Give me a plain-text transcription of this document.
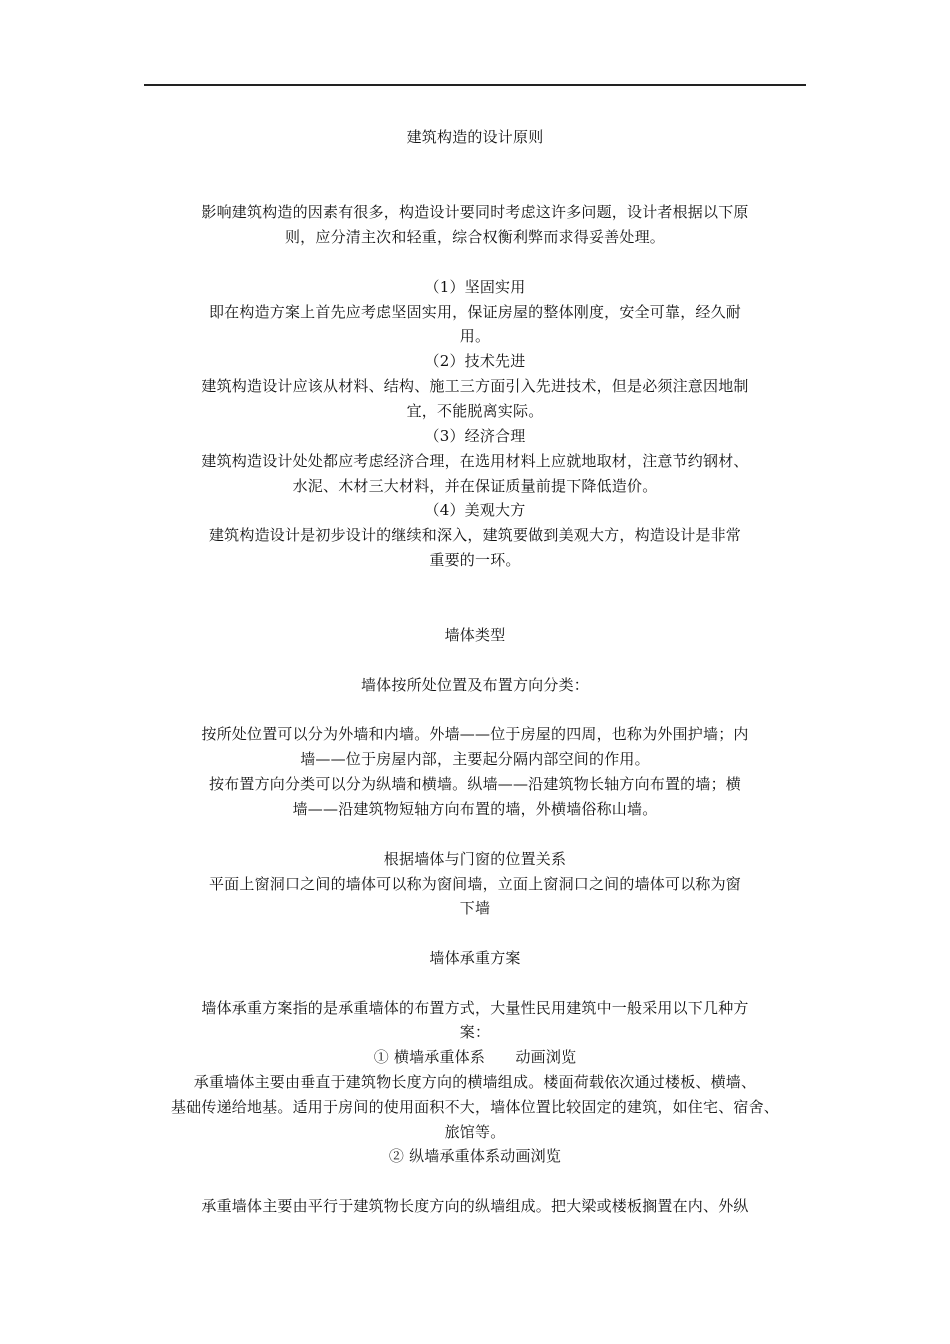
建筑构造的设计原则
影响建筑构造的因素有很多，构造设计要同时考虑这许多问题，设计者根据以下原
则，应分清主次和轻重，综合权衡利弊而求得妥善处理。
（1）坚固实用
即在构造方案上首先应考虑坚固实用，保证房屋的整体刚度，安全可靠，经久耐
用。
（2）技术先进
建筑构造设计应该从材料、结构、施工三方面引入先进技术，但是必须注意因地制
宜，不能脱离实际。
（3）经济合理
建筑构造设计处处都应考虑经济合理，在选用材料上应就地取材，注意节约钢材、
水泥、木材三大材料，并在保证质量前提下降低造价。
（4）美观大方
建筑构造设计是初步设计的继续和深入，建筑要做到美观大方，构造设计是非常
重要的一环。
墙体类型
墙体按所处位置及布置方向分类：
按所处位置可以分为外墙和内墙。外墙——位于房屋的四周，也称为外围护墙；内
墙——位于房屋内部，主要起分隔内部空间的作用。
按布置方向分类可以分为纵墙和横墙。纵墙——沿建筑物长轴方向布置的墙；横
墙——沿建筑物短轴方向布置的墙，外横墙俗称山墙。
根据墙体与门窗的位置关系
平面上窗洞口之间的墙体可以称为窗间墙，立面上窗洞口之间的墙体可以称为窗
下墙
墙体承重方案
墙体承重方案指的是承重墙体的布置方式，大量性民用建筑中一般采用以下几种方
案：
① 横墙承重体系　　动画浏览
承重墙体主要由垂直于建筑物长度方向的横墙组成。楼面荷载依次通过楼板、横墙、
基础传递给地基。适用于房间的使用面积不大，墙体位置比较固定的建筑，如住宅、宿舍、
旅馆等。
② 纵墙承重体系动画浏览
承重墙体主要由平行于建筑物长度方向的纵墙组成。把大梁或楼板搁置在内、外纵
